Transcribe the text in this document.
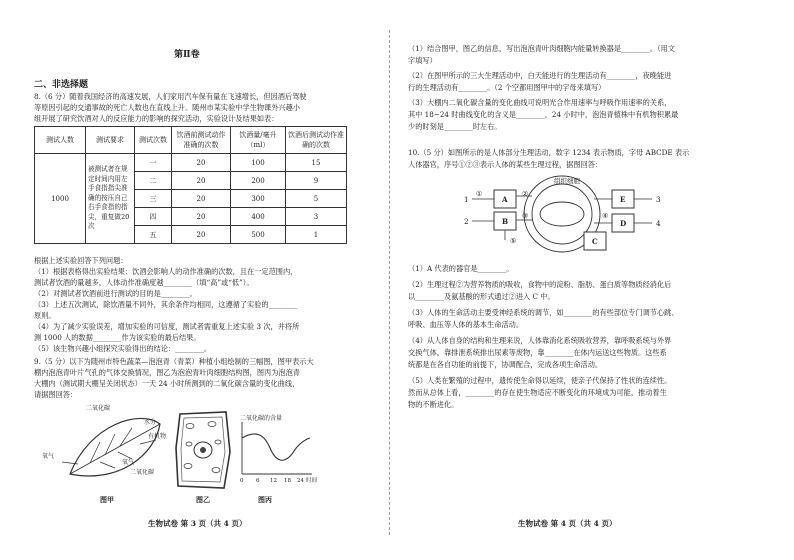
第Ⅱ卷
二、非选择题
8.（6 分）随着我国经济的高速发展，人们家用汽车保有量在飞速增长，但因酒后驾驶
等原因引起的交通事故的死亡人数也在直线上升。随州市某实验中学生物课外兴趣小
组开展了研究饮酒对人的反应能力的影响的探究活动，实验设计及结果如表：
测试人数	测试要求	测试次数	饮酒前测试动作准确的次数	饮酒量/毫升（ml）	饮酒后测试动作准确的次数
1000	被测试者在规定时间内用左手食指指尖准确的按压自己右手食指的指尖，重复做20次	一	20	100	15
		二	20	200	9
		三	20	300	5
		四	20	400	3
		五	20	500	1
根据上述实验回答下列问题：
（1）根据表格得出实验结果：饮酒会影响人的动作准确的次数，且在一定范围内，
测试者饮酒的量越多，人体动作准确度越________（填“高”或“低”）。
（2）对测试者饮酒前进行测试的目的是________。
（3）上述五次测试，除饮酒量不同外，其余条件均相同，这遵循了实验的________
原则。
（4）为了减少实验误差，增加实验的可信度，测试者需重复上述实验 3 次，并将所
测 1000 人的数据________作为该实验的最后结果。
（5）该生物兴趣小组探究实验得出的结论：________。
9.（5 分）以下为随州市特色蔬菜—泡泡青（青菜）种植小组绘制的三幅图，图甲表示大
棚内泡泡青叶片气孔的气体交换情况，图乙为泡泡青叶肉细胞结构图，图丙为泡泡青
大棚内（测试期大棚呈关闭状态）一天 24 小时所测到的二氧化碳含量的变化曲线，
请据图回答：
二氧化碳
水分
有机物
氧气
二氧化碳
氧气
图甲	图乙
二氧化碳的含量
0 6 12 18 24 时间
图丙
生物试卷 第 3 页（共 4 页）
（1）结合图甲，图乙的信息，写出泡泡青叶肉细胞内能量转换器是________。（用文
字填写）
（2）在图甲所示的三大生理活动中，白天能进行的生理活动有________，夜晚能进
行的生理活动有________。（2 个空都用图甲中的字母来填写）
（3）大棚内二氧化碳含量的变化曲线可说明光合作用速率与呼吸作用速率的关系，
其中 18~24 时曲线变化的含义是________，24 小时中，泡泡青植株中有机物积累最
少的时刻是________时左右。
10.（5 分）如图所示的是人体部分生理活动，数字 1234 表示物质，字母 ABCDE 表示
人体器官，序号①②③表示人体的某些生理过程，据图回答：
组织细胞
A
B
C
D
E
①	②
③	④
⑤
1
2
3
4
（1）A 代表的器官是________。
（2）生理过程②为营养物质的吸收，食物中的淀粉、脂肪、蛋白质等物质经消化后
以________及氨基酸的形式通过②进入 C 中。
（3）人体的生命活动主要受神经系统的调节，如________的有些部位专门调节心跳、
呼吸、血压等人体的基本生命活动。
（4）从人体自身的结构和生理来说，人体靠消化系统吸收营养，靠呼吸系统与外界
交换气体，靠排泄系统排出尿素等废物，靠________在体内运送这些物质。这些系
统都是在各自功能的前提下，协调配合，完成各项生命活动。
（5）人类在繁殖的过程中，遗传使生命得以延续，使亲子代保持了性状的连续性。
然而从总体上看，________的存在使生物适应不断变化的环境成为可能，推动着生
物的不断进化。
生物试卷 第 4 页（共 4 页）
